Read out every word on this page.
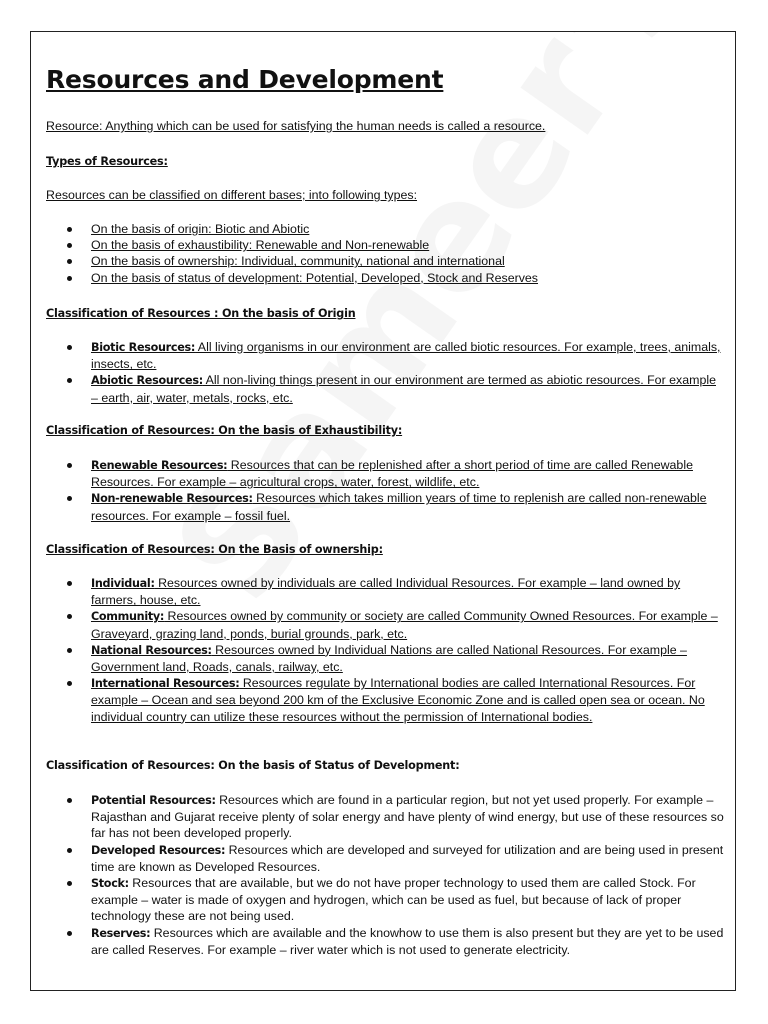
Resources and Development
Resource: Anything which can be used for satisfying the human needs is called a resource.
Types of Resources:
Resources can be classified on different bases; into following types:
On the basis of origin: Biotic and Abiotic
On the basis of exhaustibility: Renewable and Non-renewable
On the basis of ownership: Individual, community, national and international
On the basis of status of development: Potential, Developed, Stock and Reserves
Classification of Resources : On the basis of Origin
Biotic Resources: All living organisms in our environment are called biotic resources. For example, trees, animals, insects, etc.
Abiotic Resources: All non-living things present in our environment are termed as abiotic resources. For example – earth, air, water, metals, rocks, etc.
Classification of Resources: On the basis of Exhaustibility:
Renewable Resources: Resources that can be replenished after a short period of time are called Renewable Resources. For example – agricultural crops, water, forest, wildlife, etc.
Non-renewable Resources: Resources which takes million years of time to replenish are called non-renewable resources. For example – fossil fuel.
Classification of Resources: On the Basis of ownership:
Individual: Resources owned by individuals are called Individual Resources. For example – land owned by farmers, house, etc.
Community: Resources owned by community or society are called Community Owned Resources. For example – Graveyard, grazing land, ponds, burial grounds, park, etc.
National Resources: Resources owned by Individual Nations are called National Resources. For example – Government land, Roads, canals, railway, etc.
International Resources: Resources regulate by International bodies are called International Resources. For example – Ocean and sea beyond 200 km of the Exclusive Economic Zone and is called open sea or ocean. No individual country can utilize these resources without the permission of International bodies.
Classification of Resources: On the basis of Status of Development:
Potential Resources: Resources which are found in a particular region, but not yet used properly. For example – Rajasthan and Gujarat receive plenty of solar energy and have plenty of wind energy, but use of these resources so far has not been developed properly.
Developed Resources: Resources which are developed and surveyed for utilization and are being used in present time are known as Developed Resources.
Stock: Resources that are available, but we do not have proper technology to used them are called Stock. For example – water is made of oxygen and hydrogen, which can be used as fuel, but because of lack of proper technology these are not being used.
Reserves: Resources which are available and the knowhow to use them is also present but they are yet to be used are called Reserves. For example – river water which is not used to generate electricity.
